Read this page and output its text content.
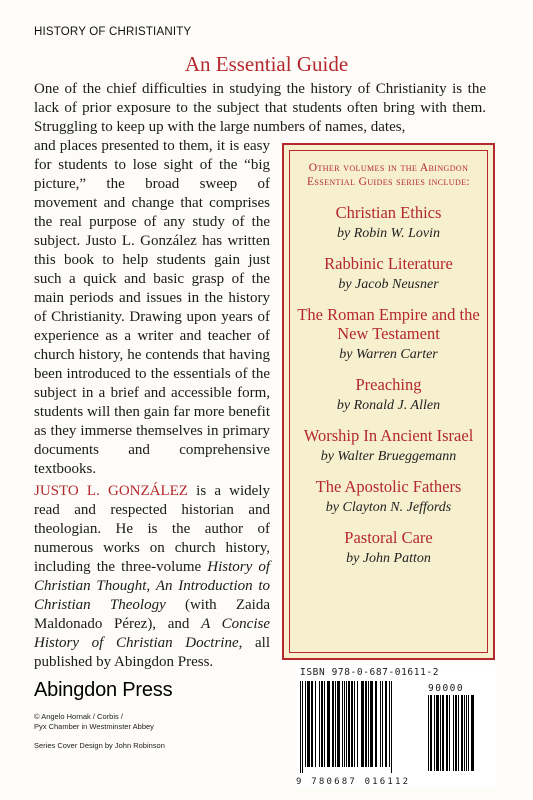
HISTORY OF CHRISTIANITY
An Essential Guide

One of the chief difficulties in studying the history of Christianity is the lack of prior exposure to the subject that students often bring with them. Struggling to keep up with the large numbers of names, dates,

and places presented to them, it is easy for students to lose sight of the “big picture,” the broad sweep of movement and change that comprises the real purpose of any study of the subject. Justo L. González has written this book to help students gain just such a quick and basic grasp of the main periods and issues in the history of Christianity. Drawing upon years of experience as a writer and teacher of church history, he contends that having been introduced to the essentials of the subject in a brief and accessible form, students will then gain far more benefit as they immerse themselves in primary documents and comprehensive textbooks.

JUSTO L. GONZÁLEZ is a widely read and respected historian and theologian. He is the author of numerous works on church history, including the three-volume History of Christian Thought, An Introduction to Christian Theology (with Zaida Maldonado Pérez), and A Concise History of Christian Doctrine, all published by Abingdon Press.

Other volumes in the Abingdon Essential Guides series include:
Christian Ethics
by Robin W. Lovin
Rabbinic Literature
by Jacob Neusner
The Roman Empire and the New Testament
by Warren Carter
Preaching
by Ronald J. Allen
Worship In Ancient Israel
by Walter Brueggemann
The Apostolic Fathers
by Clayton N. Jeffords
Pastoral Care
by John Patton
Abingdon Press
© Angelo Hornak / Corbis /
Pyx Chamber in Westminster Abbey
Series Cover Design by John Robinson
ISBN 978-0-687-01611-2
90000
9 780687 016112
